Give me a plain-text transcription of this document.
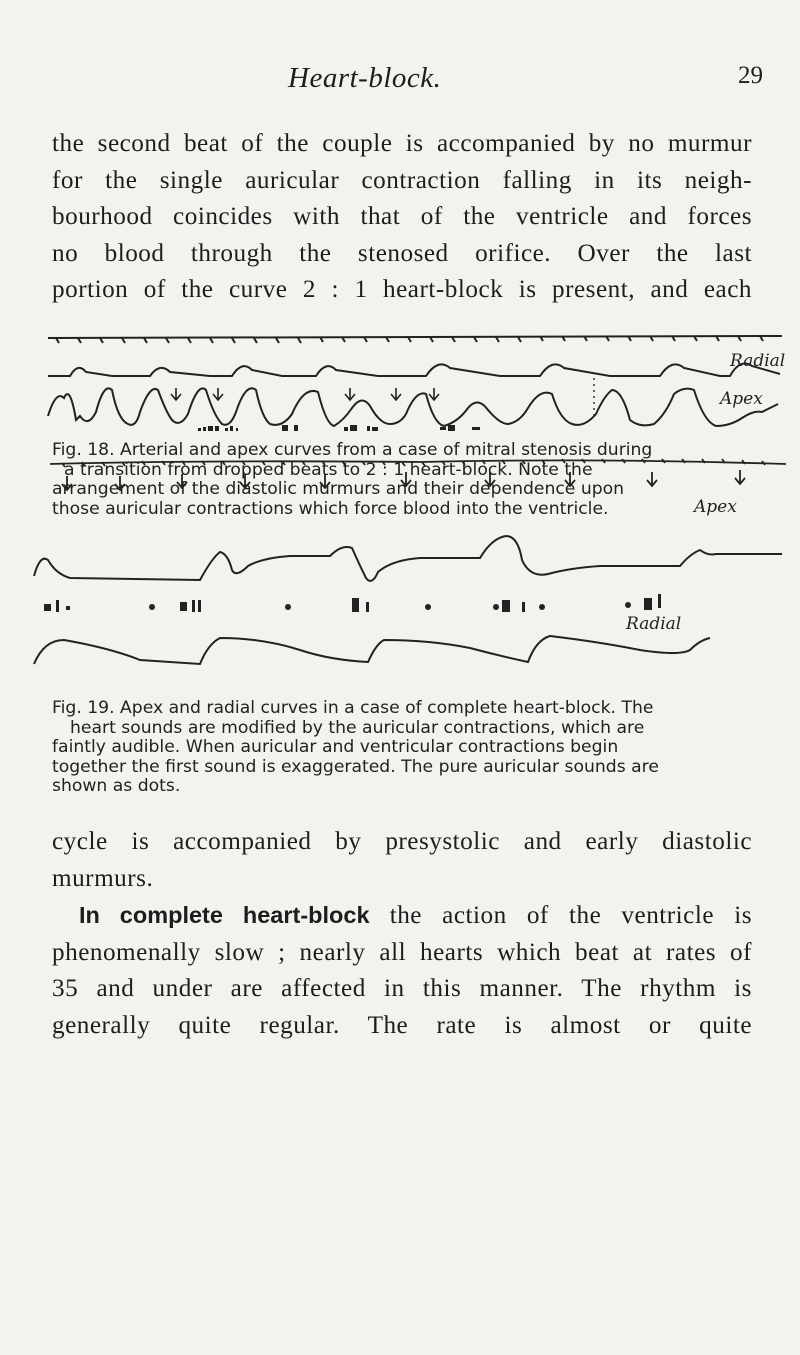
Heart-block.	29

the second beat of the couple is accompanied by no murmur

for the single auricular contraction falling in its neigh-

bourhood coincides with that of the ventricle and forces

no blood through the stenosed orifice. Over the last

portion of the curve 2 : 1 heart-block is present, and each

Radial
Apex
Fig. 18. Arterial and apex curves from a case of mitral stenosis during
a transition from dropped beats to 2 : 1 heart-block. Note the
arrangement of the diastolic murmurs and their dependence upon
those auricular contractions which force blood into the ventricle.	Apex
Radial
Fig. 19. Apex and radial curves in a case of complete heart-block. The
heart sounds are modified by the auricular contractions, which are
faintly audible. When auricular and ventricular contractions begin
together the first sound is exaggerated. The pure auricular sounds are
shown as dots.

cycle is accompanied by presystolic and early diastolic

murmurs.

In complete heart-block the action of the ventricle is

phenomenally slow ; nearly all hearts which beat at rates of

35 and under are affected in this manner. The rhythm is

generally quite regular. The rate is almost or quite
